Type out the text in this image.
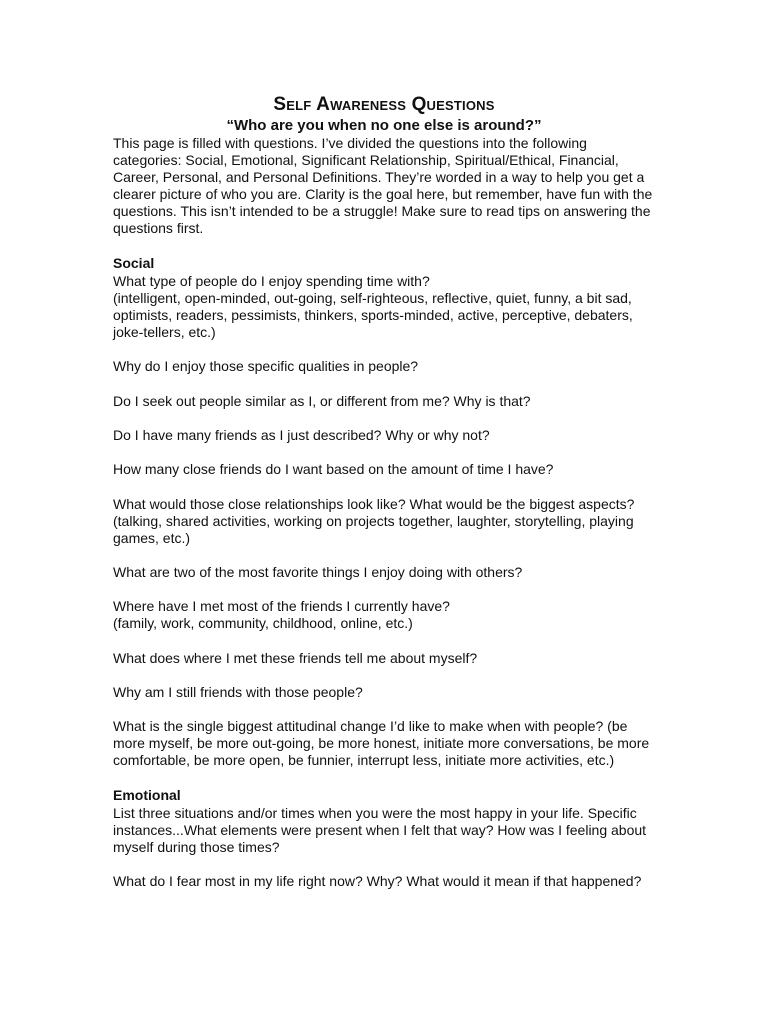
Self Awareness Questions
“Who are you when no one else is around?”

This page is filled with questions. I’ve divided the questions into the following categories: Social, Emotional, Significant Relationship, Spiritual/Ethical, Financial, Career, Personal, and Personal Definitions. They’re worded in a way to help you get a clearer picture of who you are. Clarity is the goal here, but remember, have fun with the questions. This isn’t intended to be a struggle! Make sure to read tips on answering the questions first.

Social

What type of people do I enjoy spending time with?
(intelligent, open-minded, out-going, self-righteous, reflective, quiet, funny, a bit sad, optimists, readers, pessimists, thinkers, sports-minded, active, perceptive, debaters, joke-tellers, etc.)

Why do I enjoy those specific qualities in people?

Do I seek out people similar as I, or different from me? Why is that?

Do I have many friends as I just described? Why or why not?

How many close friends do I want based on the amount of time I have?

What would those close relationships look like? What would be the biggest aspects?
(talking, shared activities, working on projects together, laughter, storytelling, playing games, etc.)

What are two of the most favorite things I enjoy doing with others?

Where have I met most of the friends I currently have?
(family, work, community, childhood, online, etc.)

What does where I met these friends tell me about myself?

Why am I still friends with those people?

What is the single biggest attitudinal change I’d like to make when with people? (be more myself, be more out-going, be more honest, initiate more conversations, be more comfortable, be more open, be funnier, interrupt less, initiate more activities, etc.)

Emotional

List three situations and/or times when you were the most happy in your life. Specific instances...What elements were present when I felt that way? How was I feeling about myself during those times?

What do I fear most in my life right now? Why? What would it mean if that happened?
